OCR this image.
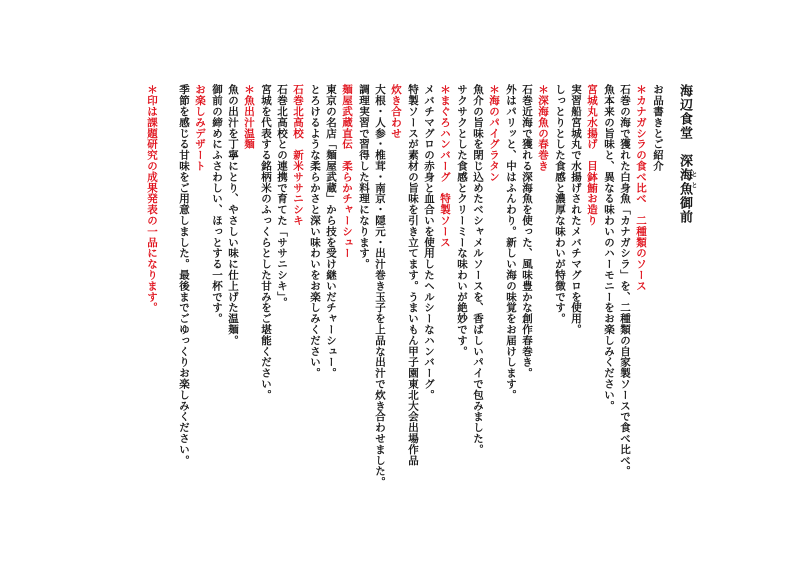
海辺食堂深海魚御前
とと
お品書きとご紹介
＊カナガシラの食べ比べ　二種類のソース
石巻の海で獲れた白身魚「カナガシラ」を、二種類の自家製ソースで食べ比べ。
魚本来の旨味と、異なる味わいのハーモニーをお楽しみください。
宮城丸水揚げ　目鉢鮪お造り
実習船宮城丸で水揚げされたメバチマグロを使用。
しっとりとした食感と濃厚な味わいが特徴です。
＊深海魚の春巻き
石巻近海で獲れる深海魚を使った、風味豊かな創作春巻き。
外はパリッと、中はふんわり。新しい海の味覚をお届けします。
＊海のパイグラタン
魚介の旨味を閉じ込めたベシャメルソースを、香ばしいパイで包みました。
サクサクとした食感とクリーミーな味わいが絶妙です。
＊まぐろハンバーグ　特製ソース
メバチマグロの赤身と血合いを使用したヘルシーなハンバーグ。
特製ソースが素材の旨味を引き立てます。うまいもん甲子園東北大会出場作品
炊き合わせ
大根・人参・椎茸・南京・隠元・出汁巻き玉子を上品な出汁で炊き合わせました。
調理実習で習得した料理になります。
麺屋武蔵直伝　柔らかチャーシュー
東京の名店「麺屋武蔵」から技を受け継いだチャーシュー。
とろけるような柔らかさと深い味わいをお楽しみください。
石巻北高校　新米ササニシキ
石巻北高校との連携で育てた「ササニシキ」。
宮城を代表する銘柄米のふっくらとした甘みをご堪能ください。
＊魚出汁温麺
魚の出汁を丁寧にとり、やさしい味に仕上げた温麺。
御前の締めにふさわしい、ほっとする一杯です。
お楽しみデザート
季節を感じる甘味をご用意しました。最後までごゆっくりお楽しみください。
＊印は課題研究の成果発表の一品になります。
